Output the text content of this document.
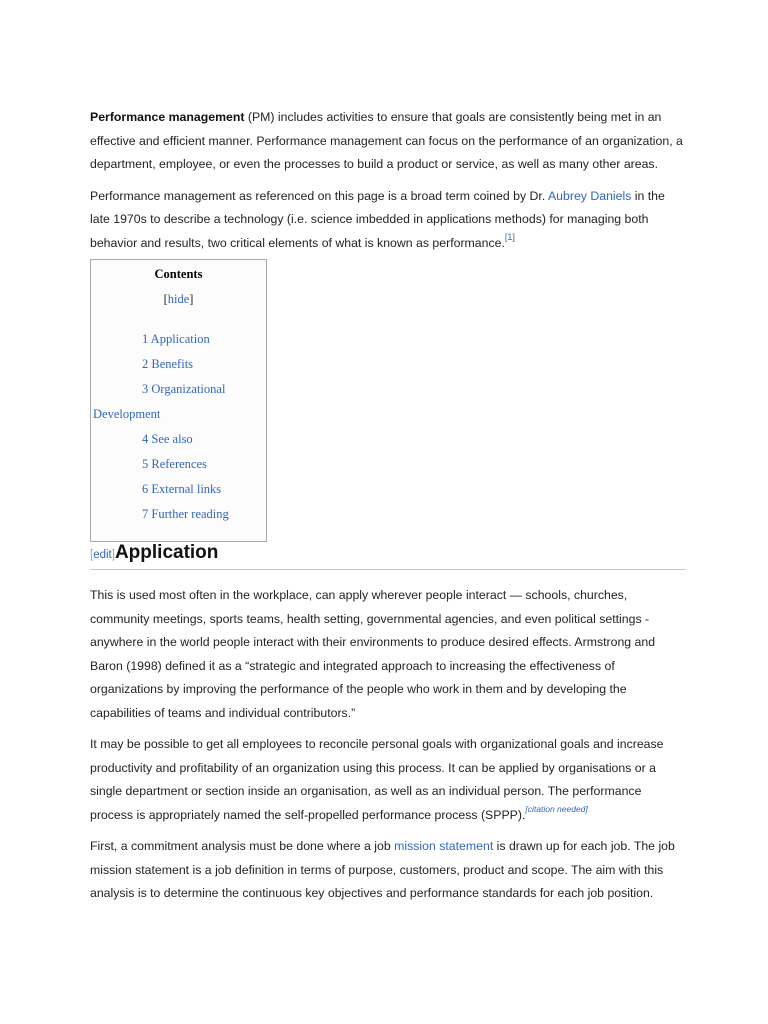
Performance management (PM) includes activities to ensure that goals are consistently being met in an effective and efficient manner. Performance management can focus on the performance of an organization, a department, employee, or even the processes to build a product or service, as well as many other areas.

Performance management as referenced on this page is a broad term coined by Dr. Aubrey Daniels in the late 1970s to describe a technology (i.e. science imbedded in applications methods) for managing both behavior and results, two critical elements of what is known as performance.[1]

Contents
[hide]
1 Application
2 Benefits
3 Organizational Development
4 See also
5 References
6 External links
7 Further reading
[edit]Application

This is used most often in the workplace, can apply wherever people interact — schools, churches, community meetings, sports teams, health setting, governmental agencies, and even political settings - anywhere in the world people interact with their environments to produce desired effects. Armstrong and Baron (1998) defined it as a “strategic and integrated approach to increasing the effectiveness of organizations by improving the performance of the people who work in them and by developing the capabilities of teams and individual contributors.”

It may be possible to get all employees to reconcile personal goals with organizational goals and increase productivity and profitability of an organization using this process. It can be applied by organisations or a single department or section inside an organisation, as well as an individual person. The performance process is appropriately named the self-propelled performance process (SPPP).[citation needed]

First, a commitment analysis must be done where a job mission statement is drawn up for each job. The job mission statement is a job definition in terms of purpose, customers, product and scope. The aim with this analysis is to determine the continuous key objectives and performance standards for each job position.
